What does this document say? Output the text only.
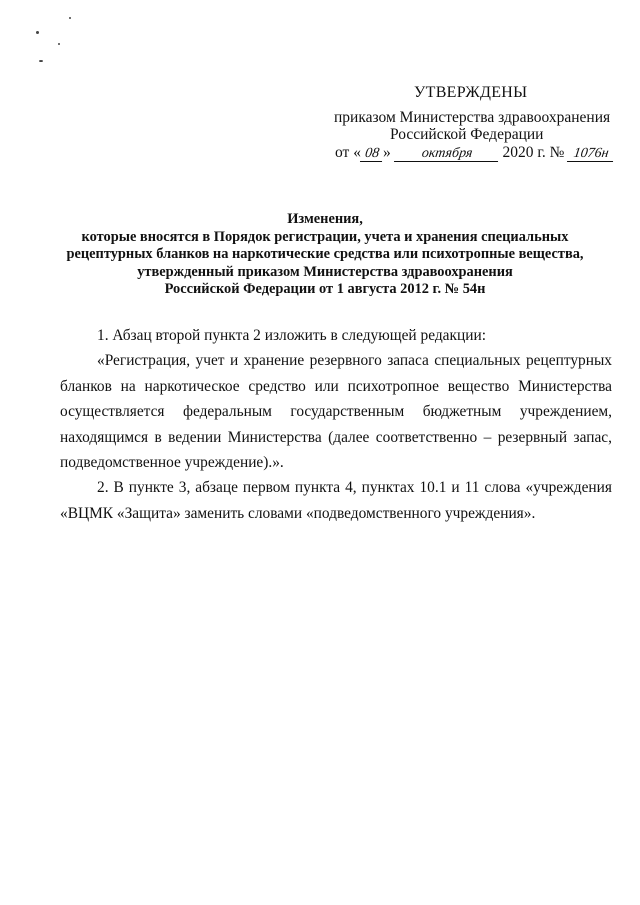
УТВЕРЖДЕНЫ
приказом Министерства здравоохранения
Российской Федерации
от « 08 » октября 2020 г. № 1076н
Изменения,
которые вносятся в Порядок регистрации, учета и хранения специальных
рецептурных бланков на наркотические средства или психотропные вещества,
утвержденный приказом Министерства здравоохранения
Российской Федерации от 1 августа 2012 г. № 54н

1. Абзац второй пункта 2 изложить в следующей редакции:

«Регистрация, учет и хранение резервного запаса специальных рецептурных бланков на наркотическое средство или психотропное вещество Министерства осуществляется федеральным государственным бюджетным учреждением, находящимся в ведении Министерства (далее соответственно – резервный запас, подведомственное учреждение).».

2. В пункте 3, абзаце первом пункта 4, пунктах 10.1 и 11 слова «учреждения «ВЦМК «Защита» заменить словами «подведомственного учреждения».
